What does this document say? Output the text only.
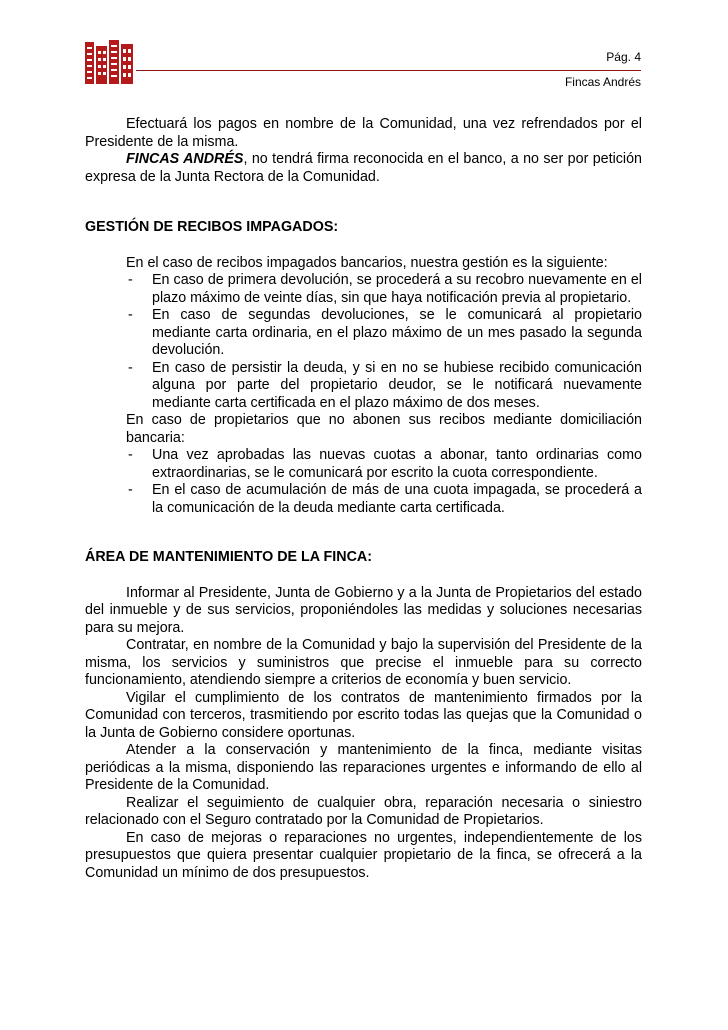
Pág. 4
Fincas Andrés

Efectuará los pagos en nombre de la Comunidad, una vez refrendados por el Presidente de la misma.

FINCAS ANDRÉS, no tendrá firma reconocida en el banco, a no ser por petición expresa de la Junta Rectora de la Comunidad.

GESTIÓN DE RECIBOS IMPAGADOS:

En el caso de recibos impagados bancarios, nuestra gestión es la siguiente:

- En caso de primera devolución, se procederá a su recobro nuevamente en el plazo máximo de veinte días, sin que haya notificación previa al propietario.
- En caso de segundas devoluciones, se le comunicará al propietario mediante carta ordinaria, en el plazo máximo de un mes pasado la segunda devolución.
- En caso de persistir la deuda, y si en no se hubiese recibido comunicación alguna por parte del propietario deudor, se le notificará nuevamente mediante carta certificada en el plazo máximo de dos meses.

En caso de propietarios que no abonen sus recibos mediante domiciliación bancaria:

- Una vez aprobadas las nuevas cuotas a abonar, tanto ordinarias como extraordinarias, se le comunicará por escrito la cuota correspondiente.
- En el caso de acumulación de más de una cuota impagada, se procederá a la comunicación de la deuda mediante carta certificada.
ÁREA DE MANTENIMIENTO DE LA FINCA:

Informar al Presidente, Junta de Gobierno y a la Junta de Propietarios del estado del inmueble y de sus servicios, proponiéndoles las medidas y soluciones necesarias para su mejora.

Contratar, en nombre de la Comunidad y bajo la supervisión del Presidente de la misma, los servicios y suministros que precise el inmueble para su correcto funcionamiento, atendiendo siempre a criterios de economía y buen servicio.

Vigilar el cumplimiento de los contratos de mantenimiento firmados por la Comunidad con terceros, trasmitiendo por escrito todas las quejas que la Comunidad o la Junta de Gobierno considere oportunas.

Atender a la conservación y mantenimiento de la finca, mediante visitas periódicas a la misma, disponiendo las reparaciones urgentes e informando de ello al Presidente de la Comunidad.

Realizar el seguimiento de cualquier obra, reparación necesaria o siniestro relacionado con el Seguro contratado por la Comunidad de Propietarios.

En caso de mejoras o reparaciones no urgentes, independientemente de los presupuestos que quiera presentar cualquier propietario de la finca, se ofrecerá a la Comunidad un mínimo de dos presupuestos.
